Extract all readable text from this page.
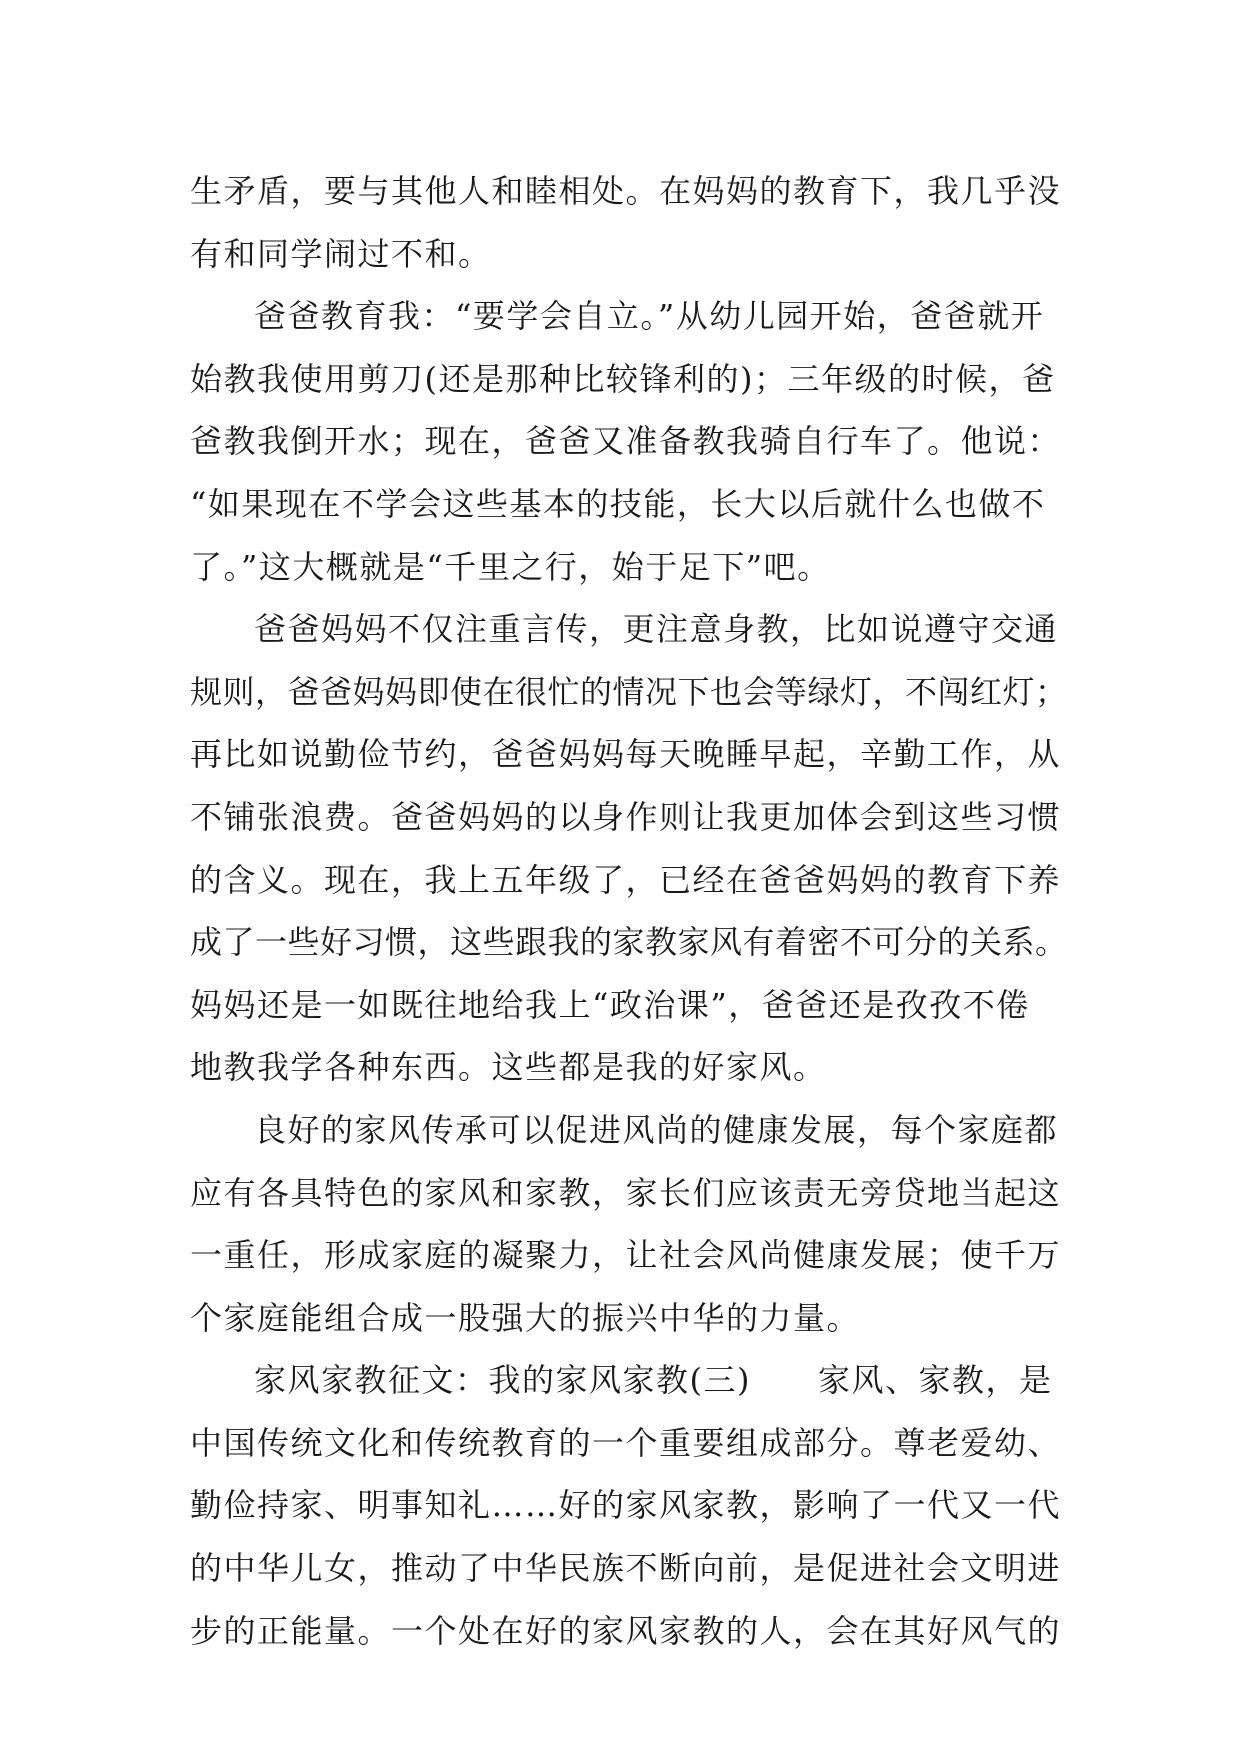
生矛盾，要与其他人和睦相处。在妈妈的教育下，我几乎没
有和同学闹过不和。
爸爸教育我：“要学会自立。”从幼儿园开始，爸爸就开
始教我使用剪刀(还是那种比较锋利的)；三年级的时候，爸
爸教我倒开水；现在，爸爸又准备教我骑自行车了。他说：
“如果现在不学会这些基本的技能，长大以后就什么也做不
了。”这大概就是“千里之行，始于足下”吧。
爸爸妈妈不仅注重言传，更注意身教，比如说遵守交通
规则，爸爸妈妈即使在很忙的情况下也会等绿灯，不闯红灯；
再比如说勤俭节约，爸爸妈妈每天晚睡早起，辛勤工作，从
不铺张浪费。爸爸妈妈的以身作则让我更加体会到这些习惯
的含义。现在，我上五年级了，已经在爸爸妈妈的教育下养
成了一些好习惯，这些跟我的家教家风有着密不可分的关系。
妈妈还是一如既往地给我上“政治课”，爸爸还是孜孜不倦
地教我学各种东西。这些都是我的好家风。
良好的家风传承可以促进风尚的健康发展，每个家庭都
应有各具特色的家风和家教，家长们应该责无旁贷地当起这
一重任，形成家庭的凝聚力，让社会风尚健康发展；使千万
个家庭能组合成一股强大的振兴中华的力量。
家风家教征文：我的家风家教(三)　　家风、家教，是
中国传统文化和传统教育的一个重要组成部分。尊老爱幼、
勤俭持家、明事知礼……好的家风家教，影响了一代又一代
的中华儿女，推动了中华民族不断向前，是促进社会文明进
步的正能量。一个处在好的家风家教的人，会在其好风气的
